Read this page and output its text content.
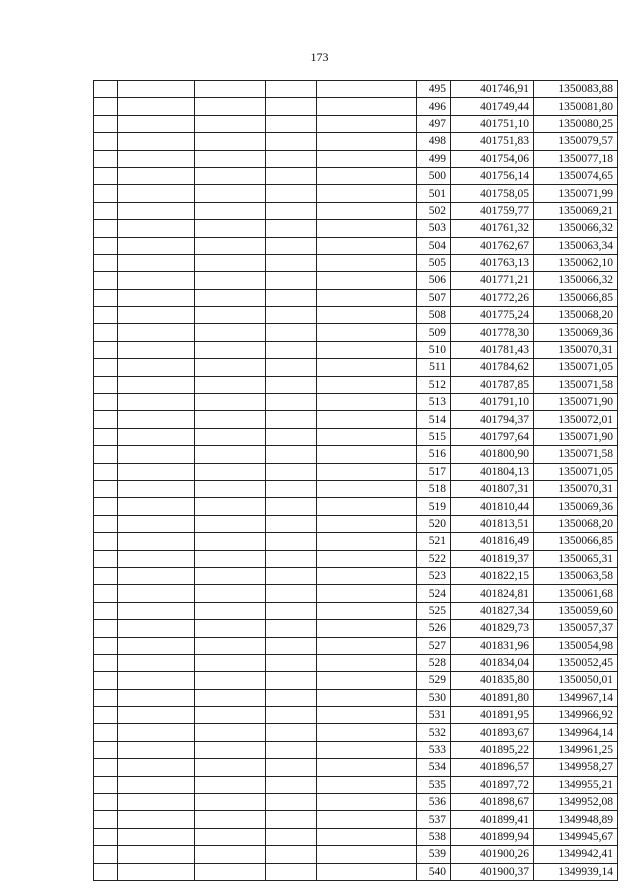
173
					495	401746,91	1350083,88
					496	401749,44	1350081,80
					497	401751,10	1350080,25
					498	401751,83	1350079,57
					499	401754,06	1350077,18
					500	401756,14	1350074,65
					501	401758,05	1350071,99
					502	401759,77	1350069,21
					503	401761,32	1350066,32
					504	401762,67	1350063,34
					505	401763,13	1350062,10
					506	401771,21	1350066,32
					507	401772,26	1350066,85
					508	401775,24	1350068,20
					509	401778,30	1350069,36
					510	401781,43	1350070,31
					511	401784,62	1350071,05
					512	401787,85	1350071,58
					513	401791,10	1350071,90
					514	401794,37	1350072,01
					515	401797,64	1350071,90
					516	401800,90	1350071,58
					517	401804,13	1350071,05
					518	401807,31	1350070,31
					519	401810,44	1350069,36
					520	401813,51	1350068,20
					521	401816,49	1350066,85
					522	401819,37	1350065,31
					523	401822,15	1350063,58
					524	401824,81	1350061,68
					525	401827,34	1350059,60
					526	401829,73	1350057,37
					527	401831,96	1350054,98
					528	401834,04	1350052,45
					529	401835,80	1350050,01
					530	401891,80	1349967,14
					531	401891,95	1349966,92
					532	401893,67	1349964,14
					533	401895,22	1349961,25
					534	401896,57	1349958,27
					535	401897,72	1349955,21
					536	401898,67	1349952,08
					537	401899,41	1349948,89
					538	401899,94	1349945,67
					539	401900,26	1349942,41
					540	401900,37	1349939,14
